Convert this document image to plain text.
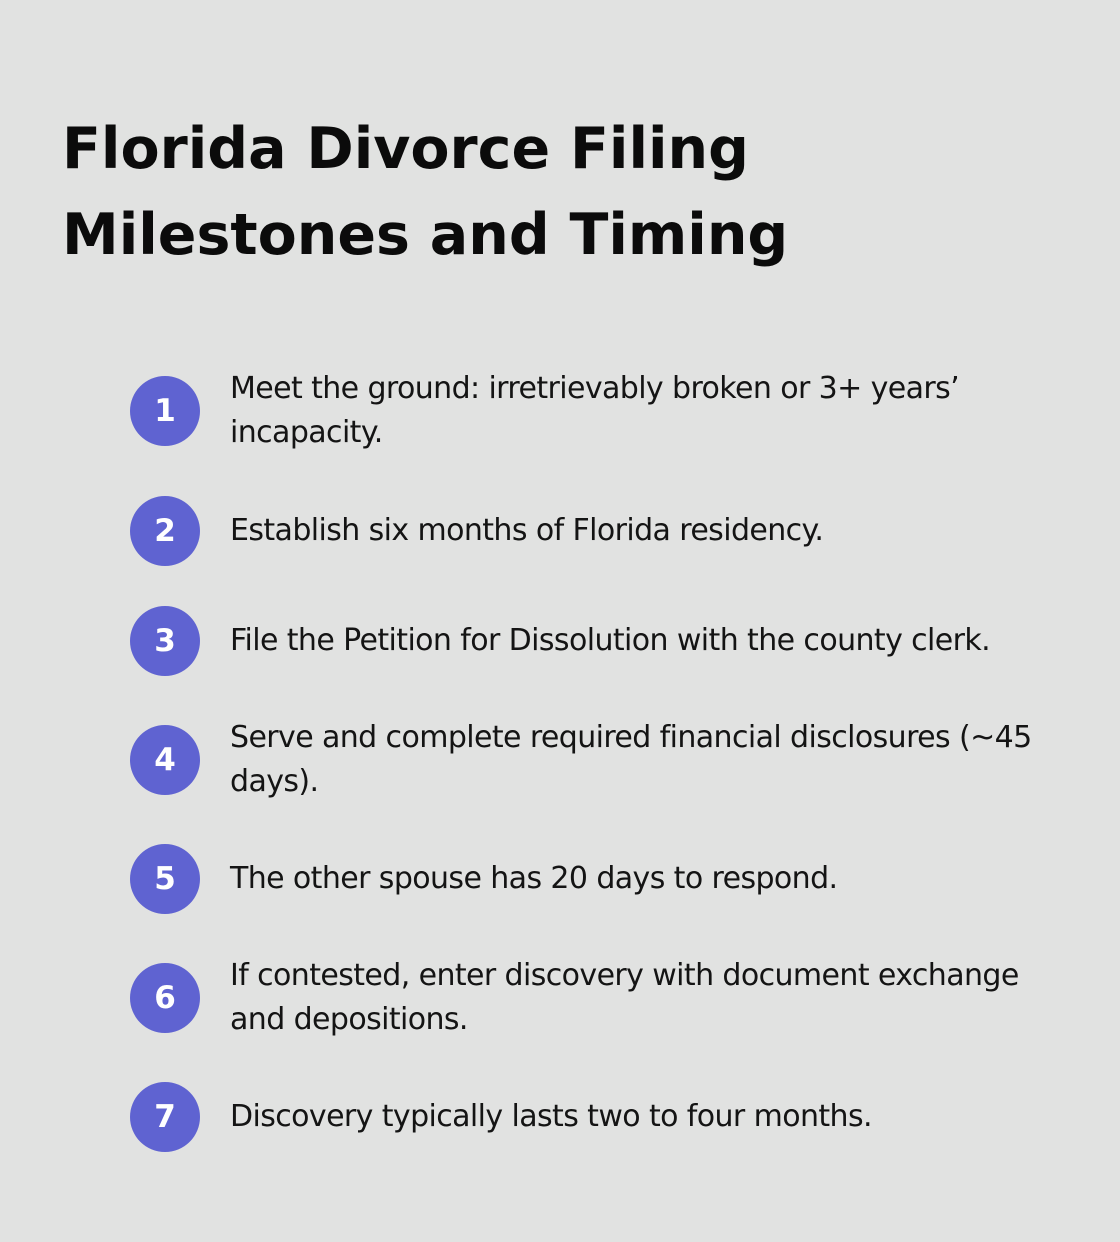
Florida Divorce Filing Milestones and Timing
1
Meet the ground: irretrievably broken or 3+ years’ incapacity.
2	Establish six months of Florida residency.
3	File the Petition for Dissolution with the county clerk.
4
Serve and complete required financial disclosures (~45 days).
5	The other spouse has 20 days to respond.
6
If contested, enter discovery with document exchange and depositions.
7	Discovery typically lasts two to four months.
